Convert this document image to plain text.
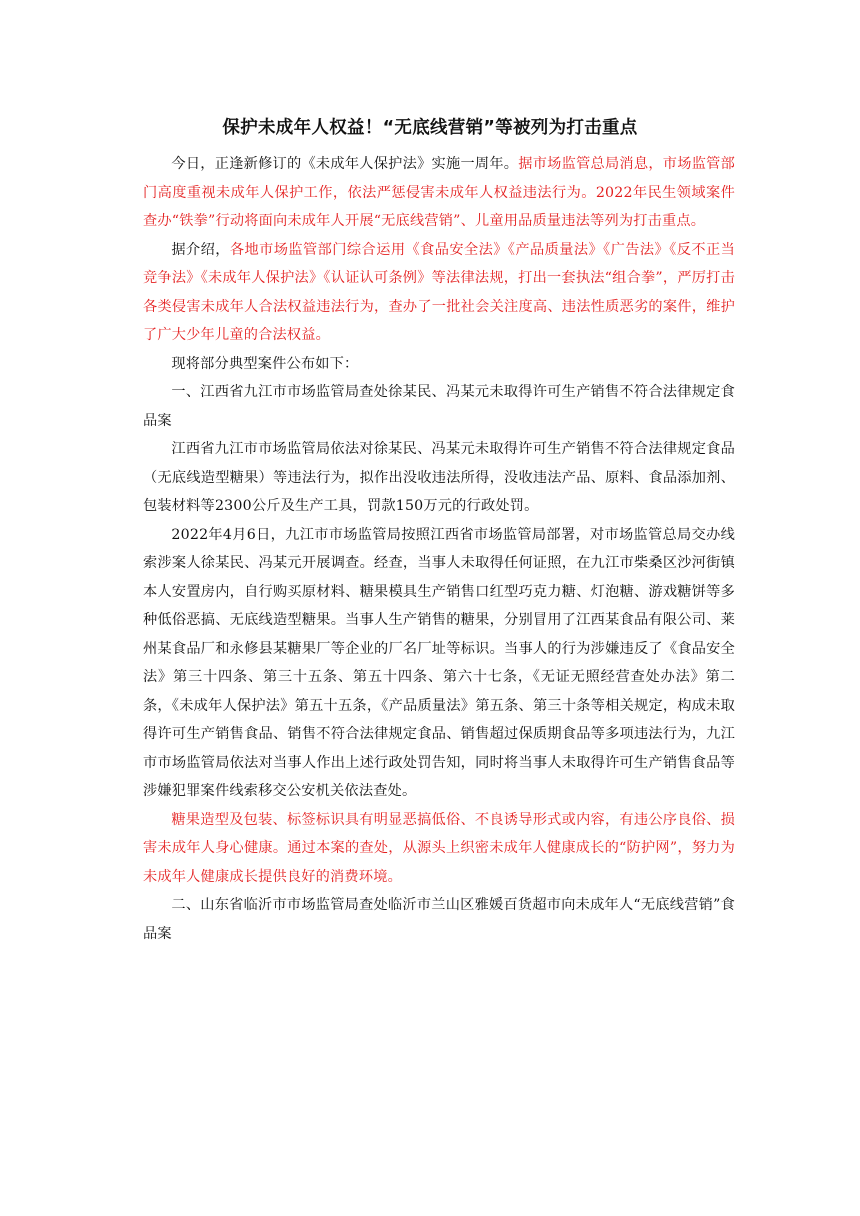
保护未成年人权益！“无底线营销”等被列为打击重点

今日，正逢新修订的《未成年人保护法》实施一周年。据市场监管总局消息，市场监管部门高度重视未成年人保护工作，依法严惩侵害未成年人权益违法行为。2022年民生领域案件查办“铁拳”行动将面向未成年人开展“无底线营销”、儿童用品质量违法等列为打击重点。

据介绍，各地市场监管部门综合运用《食品安全法》《产品质量法》《广告法》《反不正当竞争法》《未成年人保护法》《认证认可条例》等法律法规，打出一套执法“组合拳”，严厉打击各类侵害未成年人合法权益违法行为，查办了一批社会关注度高、违法性质恶劣的案件，维护了广大少年儿童的合法权益。

现将部分典型案件公布如下：

一、江西省九江市市场监管局查处徐某民、冯某元未取得许可生产销售不符合法律规定食品案

江西省九江市市场监管局依法对徐某民、冯某元未取得许可生产销售不符合法律规定食品（无底线造型糖果）等违法行为，拟作出没收违法所得，没收违法产品、原料、食品添加剂、包装材料等2300公斤及生产工具，罚款150万元的行政处罚。

2022年4月6日，九江市市场监管局按照江西省市场监管局部署，对市场监管总局交办线索涉案人徐某民、冯某元开展调查。经查，当事人未取得任何证照，在九江市柴桑区沙河街镇本人安置房内，自行购买原材料、糖果模具生产销售口红型巧克力糖、灯泡糖、游戏糖饼等多种低俗恶搞、无底线造型糖果。当事人生产销售的糖果，分别冒用了江西某食品有限公司、莱州某食品厂和永修县某糖果厂等企业的厂名厂址等标识。当事人的行为涉嫌违反了《食品安全法》第三十四条、第三十五条、第五十四条、第六十七条，《无证无照经营查处办法》第二条，《未成年人保护法》第五十五条，《产品质量法》第五条、第三十条等相关规定，构成未取得许可生产销售食品、销售不符合法律规定食品、销售超过保质期食品等多项违法行为，九江市市场监管局依法对当事人作出上述行政处罚告知，同时将当事人未取得许可生产销售食品等涉嫌犯罪案件线索移交公安机关依法查处。

糖果造型及包装、标签标识具有明显恶搞低俗、不良诱导形式或内容，有违公序良俗、损害未成年人身心健康。通过本案的查处，从源头上织密未成年人健康成长的“防护网”，努力为未成年人健康成长提供良好的消费环境。

二、山东省临沂市市场监管局查处临沂市兰山区雅媛百货超市向未成年人“无底线营销”食品案
